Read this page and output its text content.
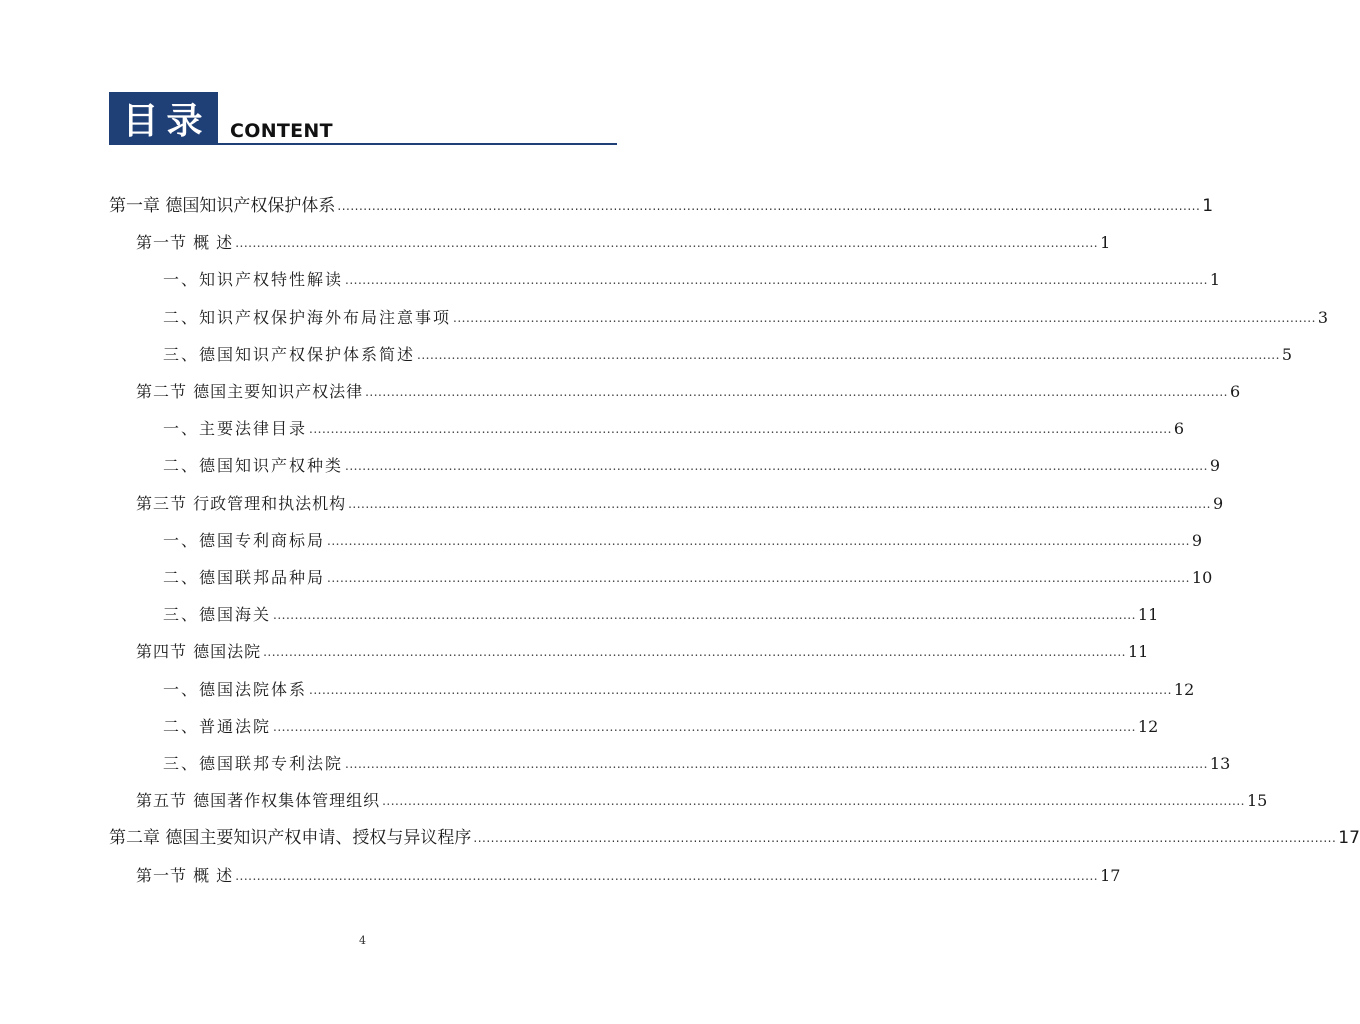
目录	CONTENT
第一章 德国知识产权保护体系 ........................................................................................................................................................................................................ 1
第一节 概 述 ........................................................................................................................................................................................................ 1
一、知识产权特性解读 ........................................................................................................................................................................................................ 1
二、知识产权保护海外布局注意事项 ........................................................................................................................................................................................................ 3
三、德国知识产权保护体系简述 ........................................................................................................................................................................................................ 5
第二节 德国主要知识产权法律 ........................................................................................................................................................................................................ 6
一、主要法律目录 ........................................................................................................................................................................................................ 6
二、德国知识产权种类 ........................................................................................................................................................................................................ 9
第三节 行政管理和执法机构 ........................................................................................................................................................................................................ 9
一、德国专利商标局 ........................................................................................................................................................................................................ 9
二、德国联邦品种局 ........................................................................................................................................................................................................ 10
三、德国海关 ........................................................................................................................................................................................................ 11
第四节 德国法院 ........................................................................................................................................................................................................ 11
一、德国法院体系 ........................................................................................................................................................................................................ 12
二、普通法院 ........................................................................................................................................................................................................ 12
三、德国联邦专利法院 ........................................................................................................................................................................................................ 13
第五节 德国著作权集体管理组织 ........................................................................................................................................................................................................ 15
第二章 德国主要知识产权申请、授权与异议程序 ........................................................................................................................................................................................................ 17
第一节 概 述 ........................................................................................................................................................................................................ 17
4
